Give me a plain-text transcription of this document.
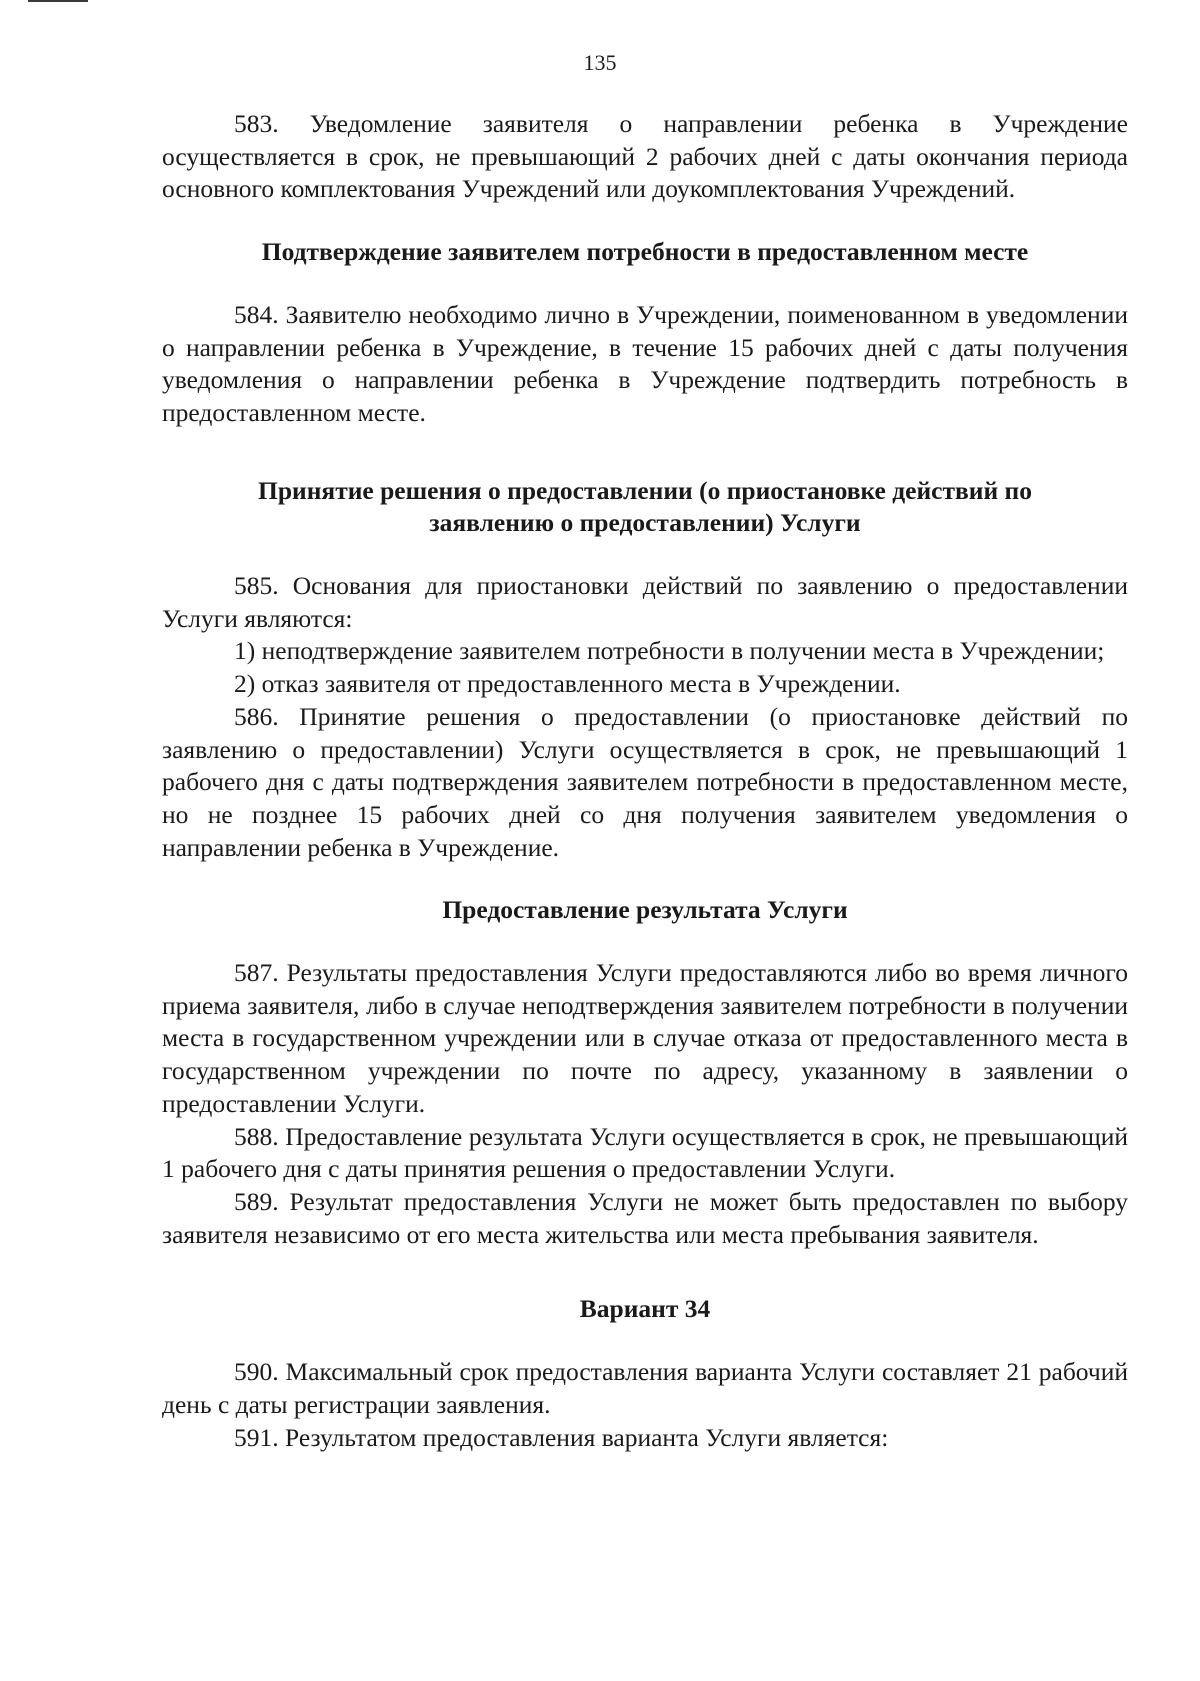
135

583. Уведомление заявителя о направлении ребенка в Учреждение осуществляется в срок, не превышающий 2 рабочих дней с даты окончания периода основного комплектования Учреждений или доукомплектования Учреждений.

Подтверждение заявителем потребности в предоставленном месте

584. Заявителю необходимо лично в Учреждении, поименованном в уведомлении о направлении ребенка в Учреждение, в течение 15 рабочих дней с даты получения уведомления о направлении ребенка в Учреждение подтвердить потребность в предоставленном месте.

Принятие решения о предоставлении (о приостановке действий по
заявлению о предоставлении) Услуги

585. Основания для приостановки действий по заявлению о предоставлении Услуги являются:

1) неподтверждение заявителем потребности в получении места в Учреждении;

2) отказ заявителя от предоставленного места в Учреждении.

586. Принятие решения о предоставлении (о приостановке действий по заявлению о предоставлении) Услуги осуществляется в срок, не превышающий 1 рабочего дня с даты подтверждения заявителем потребности в предоставленном месте, но не позднее 15 рабочих дней со дня получения заявителем уведомления о направлении ребенка в Учреждение.

Предоставление результата Услуги

587. Результаты предоставления Услуги предоставляются либо во время личного приема заявителя, либо в случае неподтверждения заявителем потребности в получении места в государственном учреждении или в случае отказа от предоставленного места в государственном учреждении по почте по адресу, указанному в заявлении о предоставлении Услуги.

588. Предоставление результата Услуги осуществляется в срок, не превышающий 1 рабочего дня с даты принятия решения о предоставлении Услуги.

589. Результат предоставления Услуги не может быть предоставлен по выбору заявителя независимо от его места жительства или места пребывания заявителя.

Вариант 34

590. Максимальный срок предоставления варианта Услуги составляет 21 рабочий день с даты регистрации заявления.

591. Результатом предоставления варианта Услуги является:
